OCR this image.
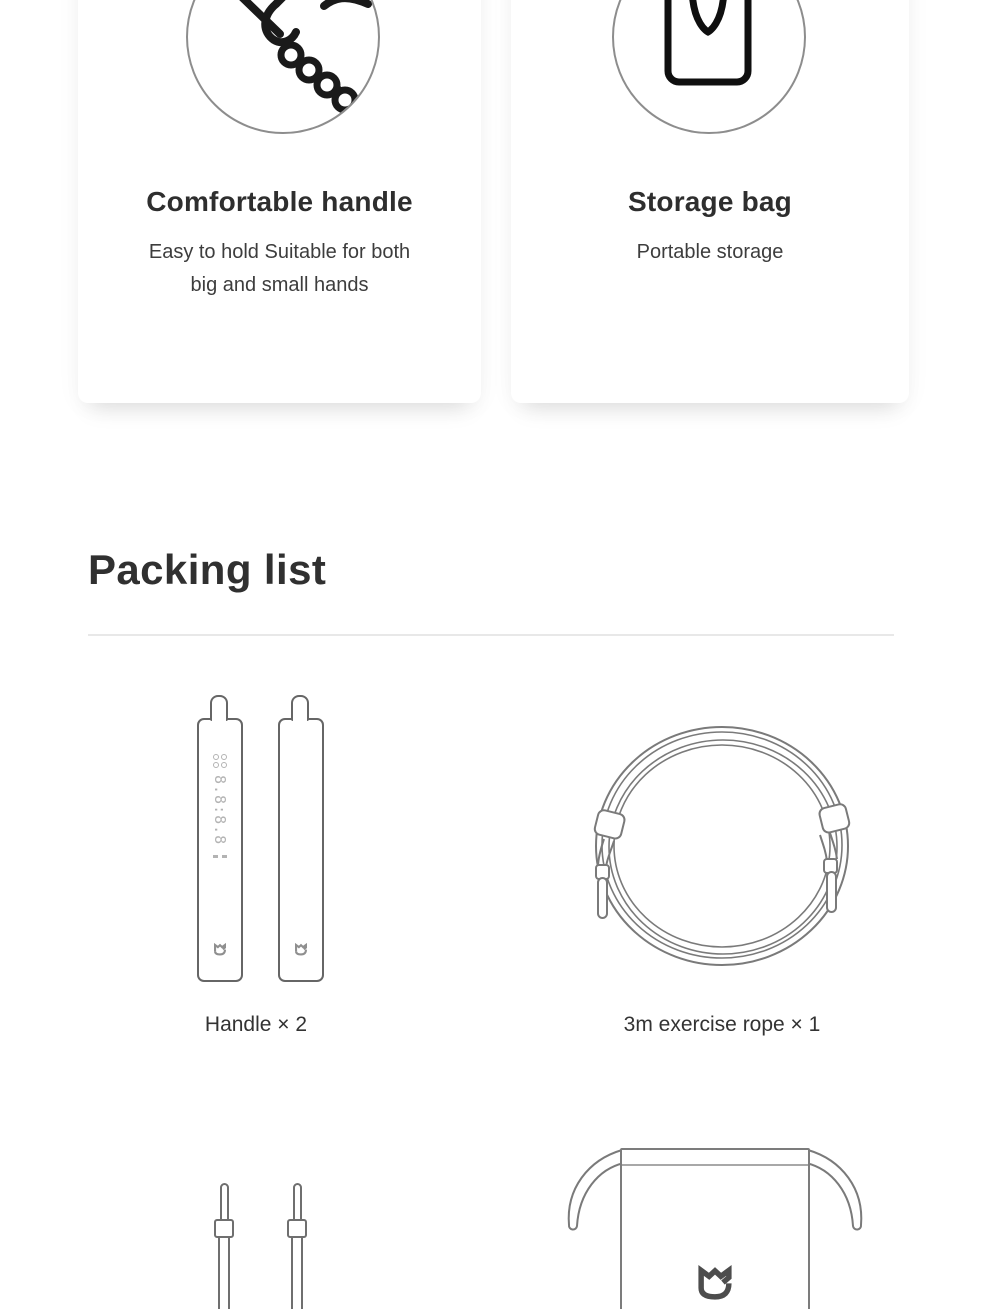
Comfortable handle

Easy to hold Suitable for both big and small hands

Storage bag

Portable storage

Packing list
8.8:8.8

Handle × 2	3m exercise rope × 1
